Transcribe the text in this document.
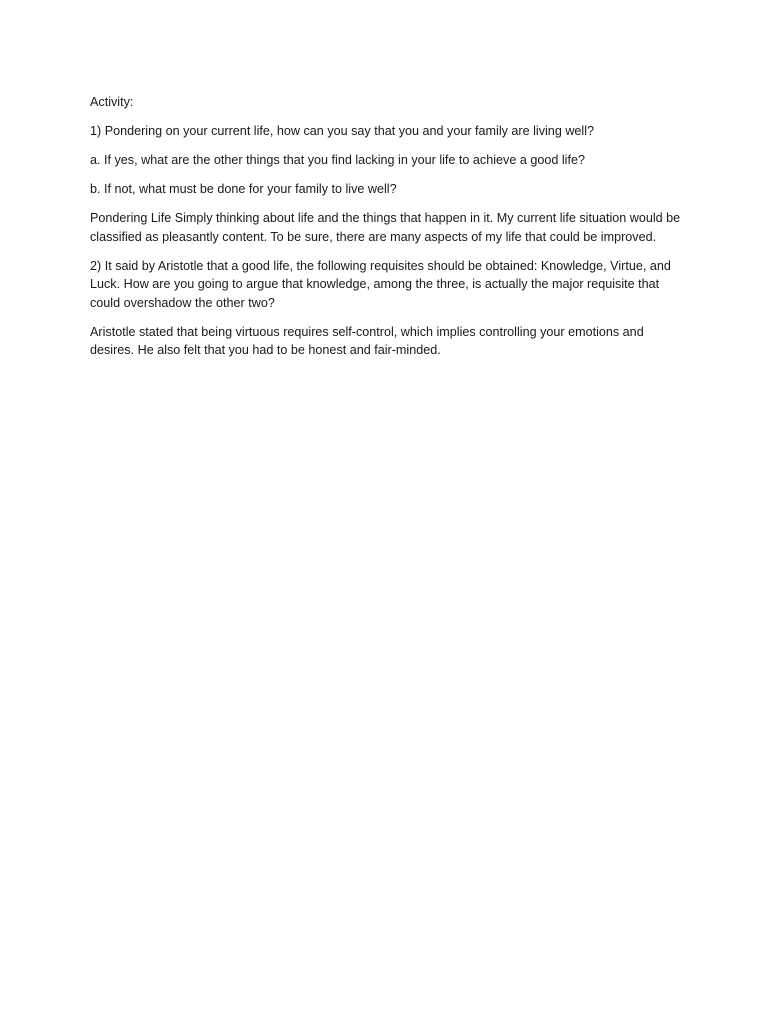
Activity:

1) Pondering on your current life, how can you say that you and your family are living well?

a. If yes, what are the other things that you find lacking in your life to achieve a good life?

b. If not, what must be done for your family to live well?

Pondering Life Simply thinking about life and the things that happen in it. My current life situation would be classified as pleasantly content. To be sure, there are many aspects of my life that could be improved.

2) It said by Aristotle that a good life, the following requisites should be obtained: Knowledge, Virtue, and Luck. How are you going to argue that knowledge, among the three, is actually the major requisite that could overshadow the other two?

Aristotle stated that being virtuous requires self-control, which implies controlling your emotions and desires. He also felt that you had to be honest and fair-minded.
